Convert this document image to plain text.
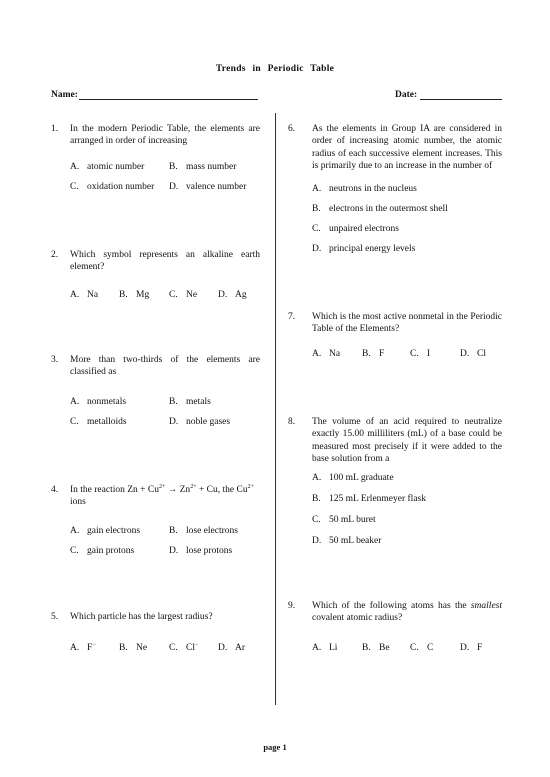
Trends in Periodic Table
Name:	Date:
1.	In the modern Periodic Table, the elements are arranged in order of increasing
A. atomic number	B. mass number
C. oxidation number D. valence number
2.	Which symbol represents an alkaline earth element?
A. Na B. Mg C. Ne D. Ag
3.	More than two-thirds of the elements are classified as
A. nonmetals	B. metals
C. metalloids	D. noble gases
4.	In the reaction $Zn + Cu^{2+} \to Zn^{2+} + Cu$, the $Cu^{2+}$
ions
A. gain electrons	B. lose electrons
C. gain protons	D. lose protons
5.	Which particle has the largest radius?
A. F− B. Ne C. Cl− D. Ar
6.	As the elements in Group IA are considered in order of increasing atomic number, the atomic radius of each successive element increases. This is primarily due to an increase in the number of
A. neutrons in the nucleus
B. electrons in the outermost shell
C. unpaired electrons
D. principal energy levels
7.	Which is the most active nonmetal in the Periodic Table of the Elements?
A. Na B. F	C. I	D. Cl
8.	The volume of an acid required to neutralize exactly 15.00 milliliters (mL) of a base could be measured most precisely if it were added to the base solution from a
A. 100 mL graduate
B. 125 mL Erlenmeyer flask
C. 50 mL buret
D. 50 mL beaker
9.	Which of the following atoms has the smallest covalent atomic radius?
A. Li	B. Be C. C	D. F
page 1
